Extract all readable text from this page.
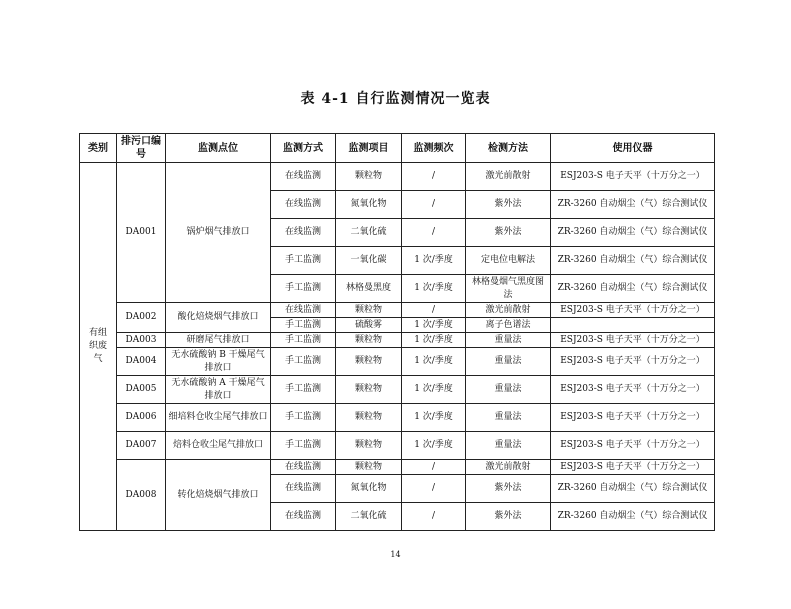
表 4-1 自行监测情况一览表
类别	排污口编号	监测点位	监测方式	监测项目	监测频次	检测方法	使用仪器
有组织废气	DA001	锅炉烟气排放口	在线监测	颗粒物	/	激光前散射	ESJ203-S 电子天平（十万分之一）
			在线监测	氮氧化物	/	紫外法	ZR-3260 自动烟尘（气）综合测试仪
			在线监测	二氧化硫	/	紫外法	ZR-3260 自动烟尘（气）综合测试仪
			手工监测	一氧化碳	1 次/季度	定电位电解法	ZR-3260 自动烟尘（气）综合测试仪
			手工监测	林格曼黑度	1 次/季度	林格曼烟气黑度图法	ZR-3260 自动烟尘（气）综合测试仪
	DA002	酸化焙烧烟气排放口	在线监测	颗粒物	/	激光前散射	ESJ203-S 电子天平（十万分之一）
			手工监测	硫酸雾	1 次/季度	离子色谱法	
	DA003	研磨尾气排放口	手工监测	颗粒物	1 次/季度	重量法	ESJ203-S 电子天平（十万分之一）
	DA004	无水硫酸钠 B 干燥尾气排放口	手工监测	颗粒物	1 次/季度	重量法	ESJ203-S 电子天平（十万分之一）
	DA005	无水硫酸钠 A 干燥尾气排放口	手工监测	颗粒物	1 次/季度	重量法	ESJ203-S 电子天平（十万分之一）
	DA006	细培料仓收尘尾气排放口	手工监测	颗粒物	1 次/季度	重量法	ESJ203-S 电子天平（十万分之一）
	DA007	焙料仓收尘尾气排放口	手工监测	颗粒物	1 次/季度	重量法	ESJ203-S 电子天平（十万分之一）
	DA008	转化焙烧烟气排放口	在线监测	颗粒物	/	激光前散射	ESJ203-S 电子天平（十万分之一）
			在线监测	氮氧化物	/	紫外法	ZR-3260 自动烟尘（气）综合测试仪
			在线监测	二氧化硫	/	紫外法	ZR-3260 自动烟尘（气）综合测试仪
14
